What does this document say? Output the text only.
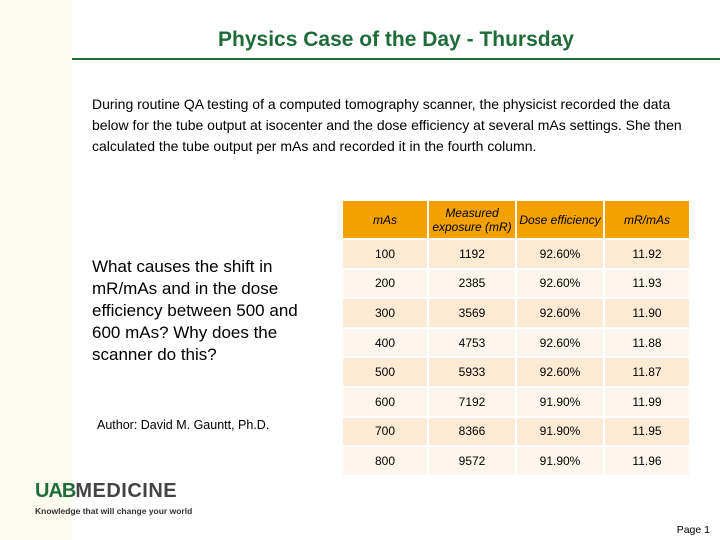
Physics Case of the Day - Thursday
During routine QA testing of a computed tomography scanner, the physicist recorded the data below for the tube output at isocenter and the dose efficiency at several mAs settings. She then calculated the tube output per mAs and recorded it in the fourth column.
What causes the shift in mR/mAs and in the dose efficiency between 500 and 600 mAs? Why does the scanner do this?
Author: David M. Gauntt, Ph.D.
mAs	Measured exposure (mR)	Dose efficiency	mR/mAs
100	1192	92.60%	11.92
200	2385	92.60%	11.93
300	3569	92.60%	11.90
400	4753	92.60%	11.88
500	5933	92.60%	11.87
600	7192	91.90%	11.99
700	8366	91.90%	11.95
800	9572	91.90%	11.96
UABMEDICINE
Knowledge that will change your world
Page 1
